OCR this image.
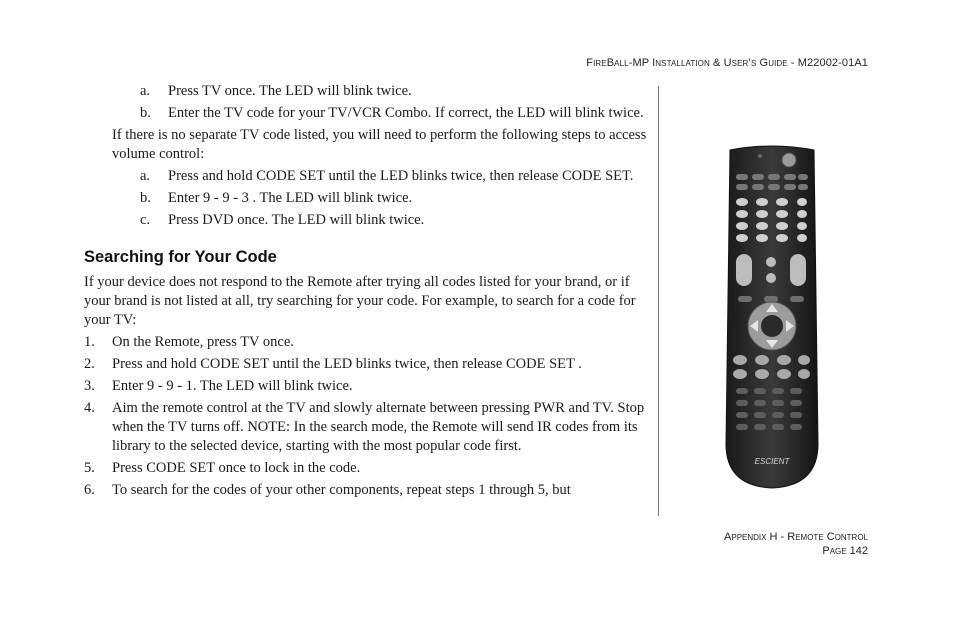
FireBall-MP Installation & User’s Guide - M22002-01A1
a. Press TV once. The LED will blink twice.
b. Enter the TV code for your TV/VCR Combo. If correct, the LED will blink twice.
If there is no separate TV code listed, you will need to perform the following steps to access volume control:
a. Press and hold CODE SET until the LED blinks twice, then release CODE SET.
b. Enter 9 - 9 - 3 . The LED will blink twice.
c. Press DVD once. The LED will blink twice.
Searching for Your Code
If your device does not respond to the Remote after trying all codes listed for your brand, or if your brand is not listed at all, try searching for your code. For example, to search for a code for your TV:
1. On the Remote, press TV once.
2. Press and hold CODE SET until the LED blinks twice, then release CODE SET .
3. Enter 9 - 9 - 1. The LED will blink twice.
4. Aim the remote control at the TV and slowly alternate between pressing PWR and TV. Stop when the TV turns off. NOTE: In the search mode, the Remote will send IR codes from its library to the selected device, starting with the most popular code first.
5. Press CODE SET once to lock in the code.
6. To search for the codes of your other components, repeat steps 1 through 5, but
ESCIENT
Appendix H - Remote Control
Page 142
